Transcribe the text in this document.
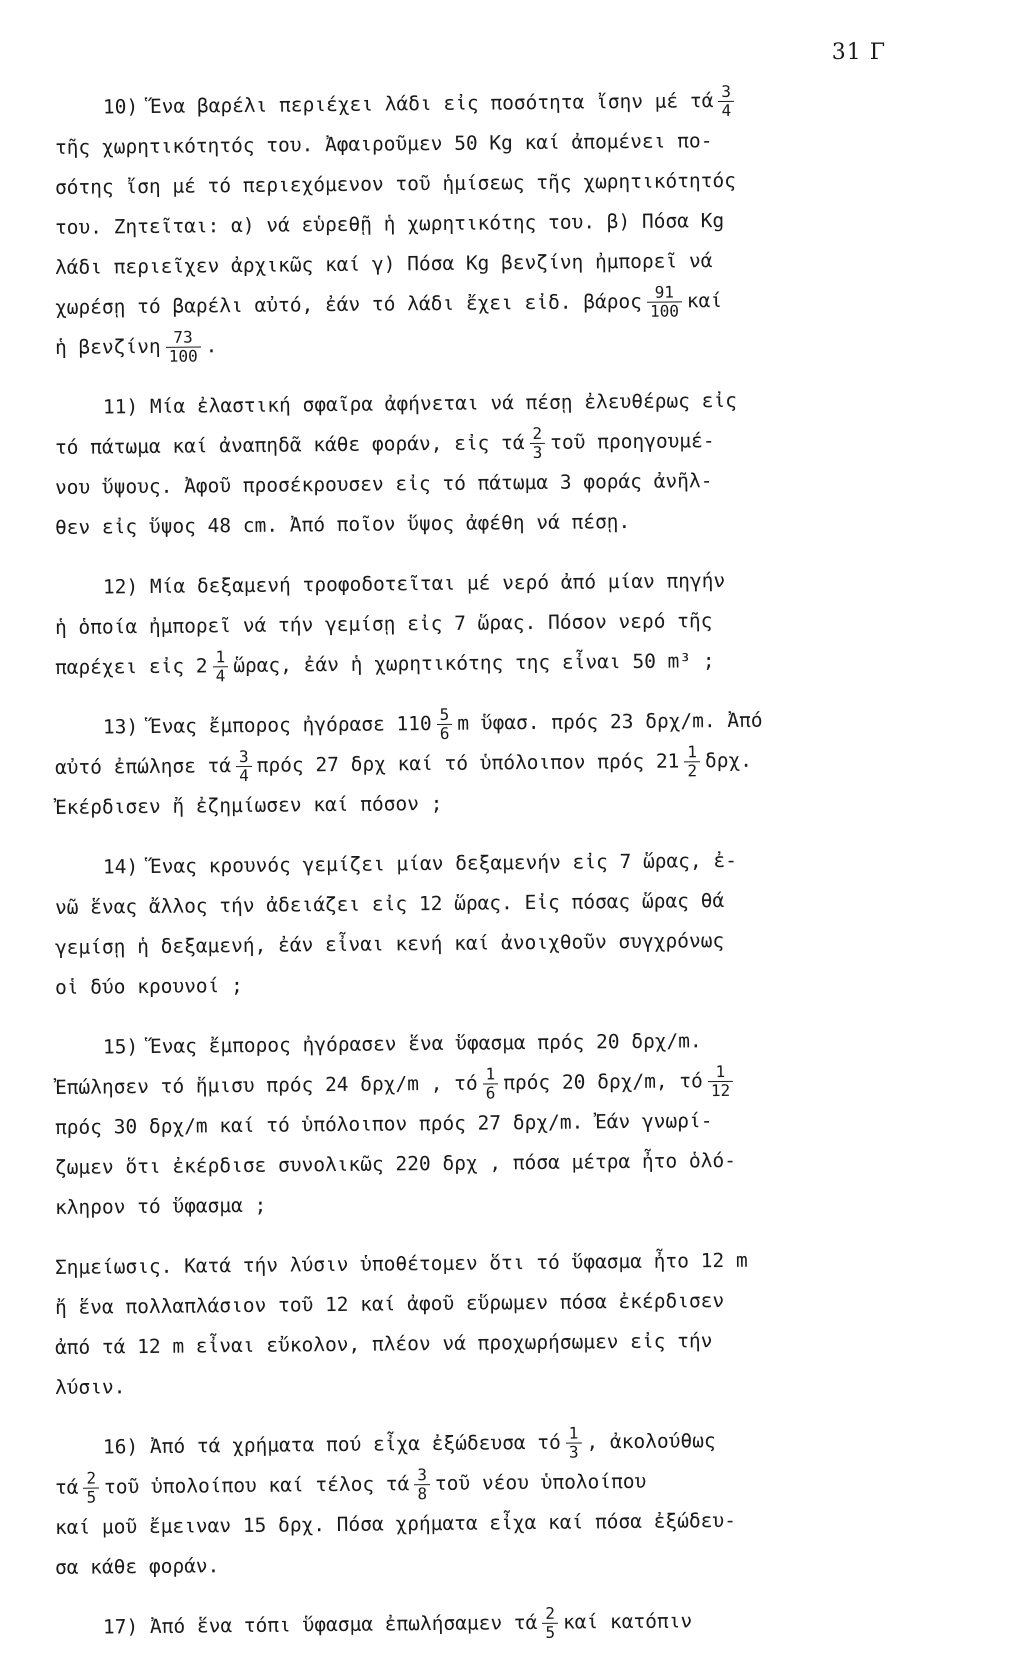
31 Γ
10) Ἕνα βαρέλι περιέχει λάδι εἰς ποσότητα ἴσην μέ τά $\frac{3}{4}$
τῆς χωρητικότητός του. Ἀφαιροῦμεν 50 Kg καί ἀπομένει πο-
σότης ἴση μέ τό περιεχόμενον τοῦ ἡμίσεως τῆς χωρητικότητός
του. Ζητεῖται: α) νά εὑρεθῇ ἡ χωρητικότης του. β) Πόσα Kg
λάδι περιεῖχεν ἀρχικῶς καί γ) Πόσα Kg βενζίνη ἠμπορεῖ νά
χωρέσῃ τό βαρέλι αὐτό, ἐάν τό λάδι ἔχει εἰδ. βάρος $\frac{91}{100}$ καί
ἡ βενζίνη $\frac{73}{100}$ .
11) Μία ἐλαστική σφαῖρα ἀφήνεται νά πέσῃ ἐλευθέρως εἰς
τό πάτωμα καί ἀναπηδᾶ κάθε φοράν, εἰς τά $\frac{2}{3}$ τοῦ προηγουμέ-
νου ὕψους. Ἀφοῦ προσέκρουσεν εἰς τό πάτωμα 3 φοράς ἀνῆλ-
θεν εἰς ὕψος 48 cm. Ἀπό ποῖον ὕψος ἀφέθη νά πέσῃ.
12) Μία δεξαμενή τροφοδοτεῖται μέ νερό ἀπό μίαν πηγήν
ἡ ὁποία ἠμπορεῖ νά τήν γεμίσῃ εἰς 7 ὥρας. Πόσον νερό τῆς
παρέχει εἰς $2 \frac{1}{4}$ ὥρας, ἐάν ἡ χωρητικότης της εἶναι 50 m³ ;
13) Ἕνας ἔμπορος ἠγόρασε $110 \frac{5}{6}$ m ὕφασ. πρός 23 δρχ/m. Ἀπό
αὐτό ἐπώλησε τά $\frac{3}{4}$ πρός 27 δρχ καί τό ὑπόλοιπον πρός $21 \frac{1}{2} \delta\rho\chi$.
Ἐκέρδισεν ἤ ἐζημίωσεν καί πόσον ;
14) Ἕνας κρουνός γεμίζει μίαν δεξαμενήν εἰς 7 ὥρας, ἐ-
νῶ ἕνας ἄλλος τήν ἀδειάζει εἰς 12 ὥρας. Εἰς πόσας ὥρας θά
γεμίσῃ ἡ δεξαμενή, ἐάν εἶναι κενή καί ἀνοιχθοῦν συγχρόνως
οἱ δύο κρουνοί ;
15) Ἕνας ἔμπορος ἠγόρασεν ἕνα ὕφασμα πρός 20 δρχ/m.
Ἐπώλησεν τό ἥμισυ πρός 24 δρχ/m , τό $\frac{1}{6}$ πρός 20 δρχ/m, τό $\frac{1}{12}$
πρός 30 δρχ/m καί τό ὑπόλοιπον πρός 27 δρχ/m. Ἐάν γνωρί-
ζωμεν ὅτι ἐκέρδισε συνολικῶς 220 δρχ , πόσα μέτρα ἦτο ὁλό-
κληρον τό ὕφασμα ;
Σημείωσις. Κατά τήν λύσιν ὑποθέτομεν ὅτι τό ὕφασμα ἦτο 12 m
ἤ ἕνα πολλαπλάσιον τοῦ 12 καί ἀφοῦ εὕρωμεν πόσα ἐκέρδισεν
ἀπό τά 12 m εἶναι εὔκολον, πλέον νά προχωρήσωμεν εἰς τήν
λύσιν.
16) Ἀπό τά χρήματα πού εἶχα ἐξώδευσα τό $\frac{1}{3}$ , ἀκολούθως
τά $\frac{2}{5}$ τοῦ ὑπολοίπου καί τέλος τά $\frac{3}{8}$ τοῦ νέου ὑπολοίπου
καί μοῦ ἔμειναν 15 δρχ. Πόσα χρήματα εἶχα καί πόσα ἐξώδευ-
σα κάθε φοράν.
17) Ἀπό ἕνα τόπι ὕφασμα ἐπωλήσαμεν τά $\frac{2}{5}$ καί κατόπιν
